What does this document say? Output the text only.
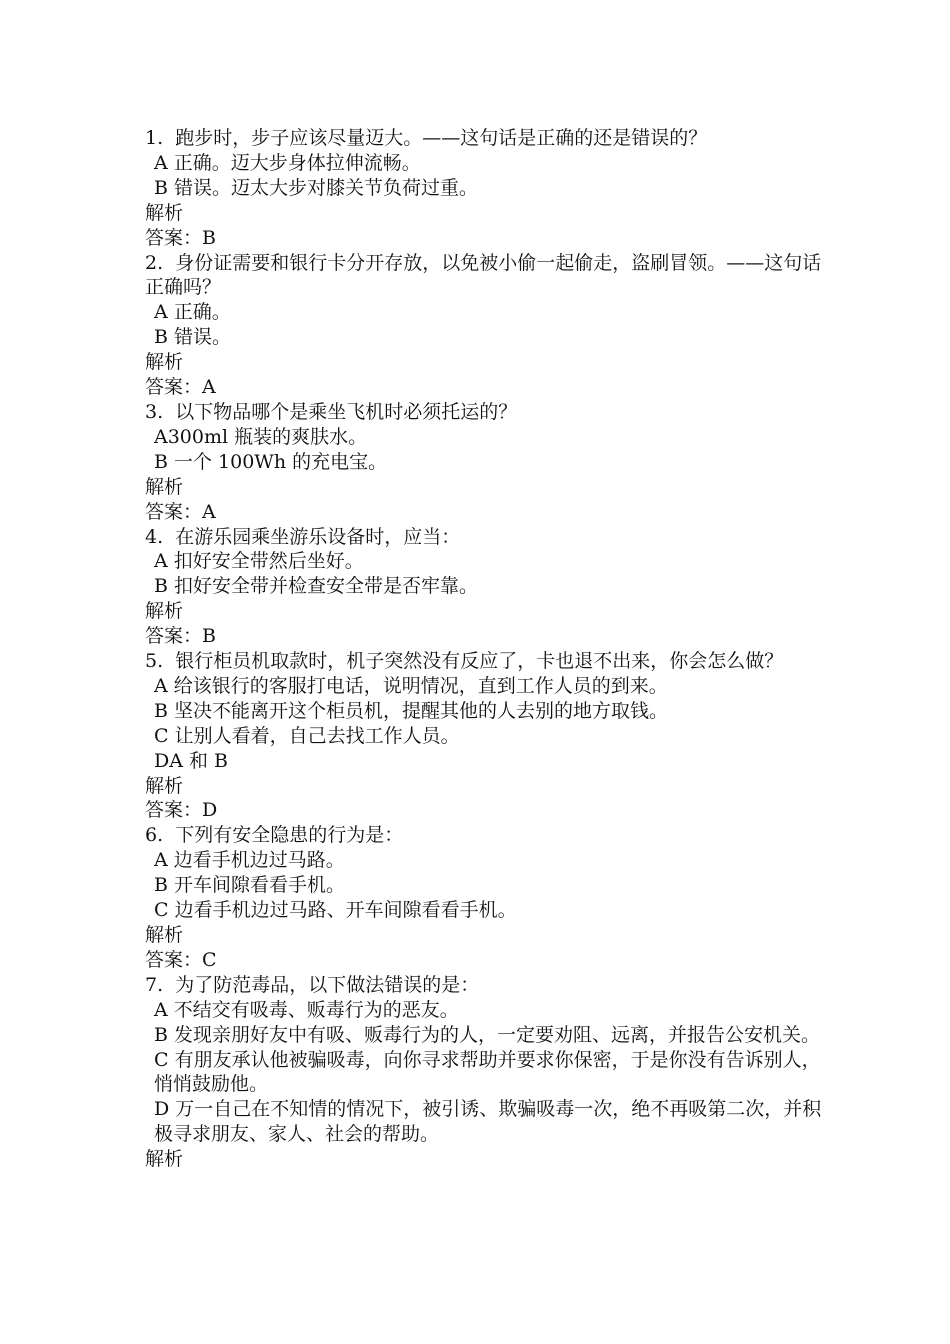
1.  跑步时，步子应该尽量迈大。——这句话是正确的还是错误的？

A 正确。迈大步身体拉伸流畅。

B 错误。迈太大步对膝关节负荷过重。

解析

答案：B

2.  身份证需要和银行卡分开存放，以免被小偷一起偷走，盗刷冒领。——这句话正确吗？

A 正确。

B 错误。

解析

答案：A

3.  以下物品哪个是乘坐飞机时必须托运的？

A300ml 瓶装的爽肤水。

B 一个 100Wh 的充电宝。

解析

答案：A

4.  在游乐园乘坐游乐设备时，应当：

A 扣好安全带然后坐好。

B 扣好安全带并检查安全带是否牢靠。

解析

答案：B

5.  银行柜员机取款时，机子突然没有反应了，卡也退不出来，你会怎么做？

A 给该银行的客服打电话，说明情况，直到工作人员的到来。

B 坚决不能离开这个柜员机，提醒其他的人去别的地方取钱。

C 让别人看着，自己去找工作人员。

DA 和 B

解析

答案：D

6.  下列有安全隐患的行为是：

A 边看手机边过马路。

B 开车间隙看看手机。

C 边看手机边过马路、开车间隙看看手机。

解析

答案：C

7.  为了防范毒品，以下做法错误的是：

A 不结交有吸毒、贩毒行为的恶友。

B 发现亲朋好友中有吸、贩毒行为的人，一定要劝阻、远离，并报告公安机关。

C 有朋友承认他被骗吸毒，向你寻求帮助并要求你保密，于是你没有告诉别人，悄悄鼓励他。

D 万一自己在不知情的情况下，被引诱、欺骗吸毒一次，绝不再吸第二次，并积极寻求朋友、家人、社会的帮助。

解析
